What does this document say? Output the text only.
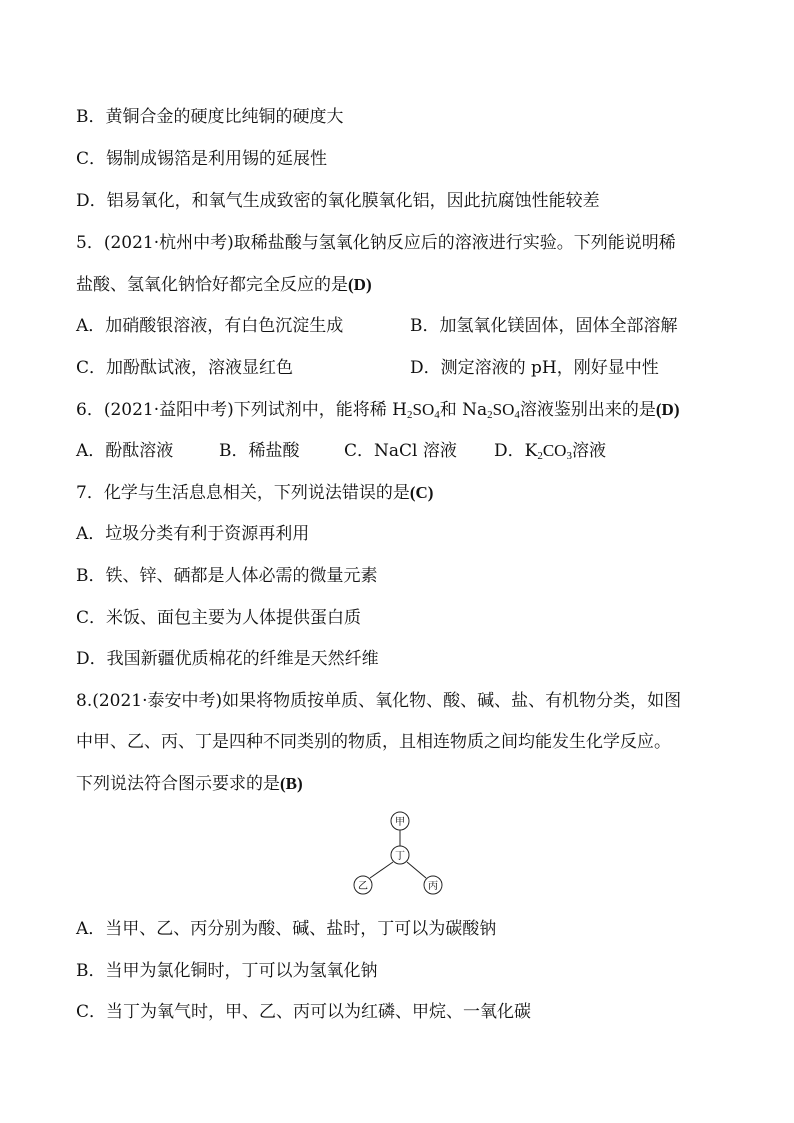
B．黄铜合金的硬度比纯铜的硬度大
C．锡制成锡箔是利用锡的延展性
D．铝易氧化，和氧气生成致密的氧化膜氧化铝，因此抗腐蚀性能较差
5．(2021·杭州中考)取稀盐酸与氢氧化钠反应后的溶液进行实验。下列能说明稀
盐酸、氢氧化钠恰好都完全反应的是(D)
A．加硝酸银溶液，有白色沉淀生成	B．加氢氧化镁固体，固体全部溶解
C．加酚酞试液，溶液显红色	D．测定溶液的 pH，刚好显中性
6．(2021·益阳中考)下列试剂中，能将稀 $H_2SO_4$和 $Na_2SO_4$溶液鉴别出来的是(D)
A．酚酞溶液	B．稀盐酸	C．NaCl 溶液 D．$K_2CO_3$溶液
7．化学与生活息息相关，下列说法错误的是(C)
A．垃圾分类有利于资源再利用
B．铁、锌、硒都是人体必需的微量元素
C．米饭、面包主要为人体提供蛋白质
D．我国新疆优质棉花的纤维是天然纤维
8.(2021·泰安中考)如果将物质按单质、氧化物、酸、碱、盐、有机物分类，如图
中甲、乙、丙、丁是四种不同类别的物质，且相连物质之间均能发生化学反应。
下列说法符合图示要求的是(B)
甲
丁
乙	丙
A．当甲、乙、丙分别为酸、碱、盐时，丁可以为碳酸钠
B．当甲为氯化铜时，丁可以为氢氧化钠
C．当丁为氧气时，甲、乙、丙可以为红磷、甲烷、一氧化碳
